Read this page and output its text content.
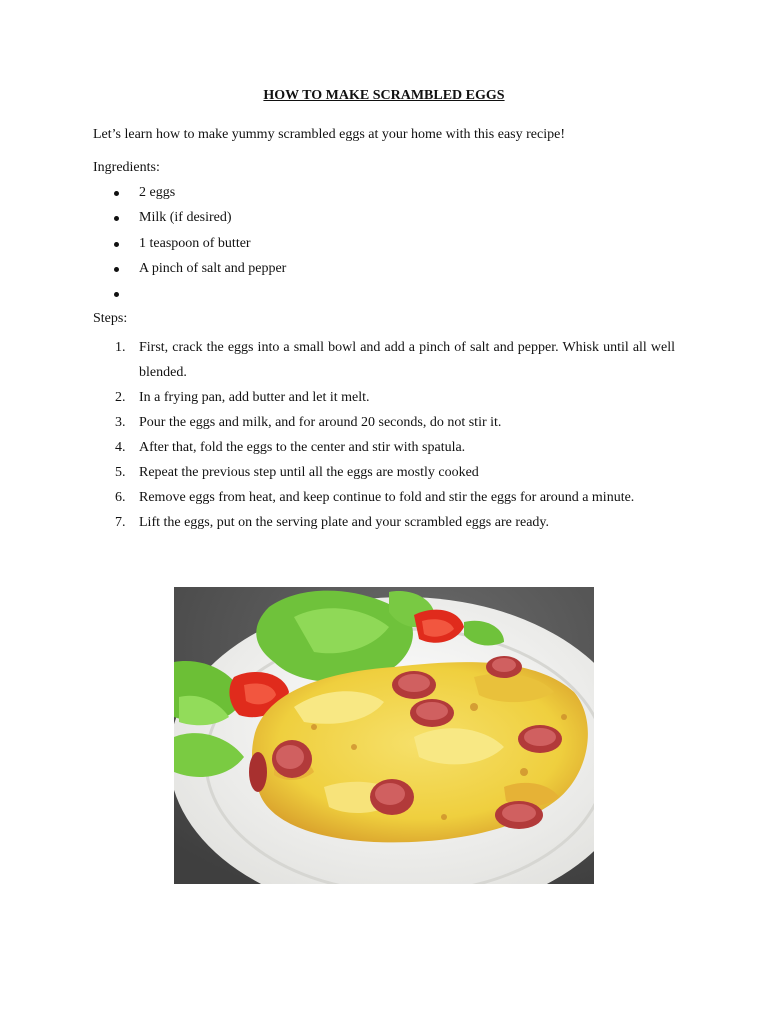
HOW TO MAKE SCRAMBLED EGGS
Let’s learn how to make yummy scrambled eggs at your home with this easy recipe!
Ingredients:
2 eggs
Milk (if desired)
1 teaspoon of butter
A pinch of salt and pepper
Steps:
1. First, crack the eggs into a small bowl and add a pinch of salt and pepper. Whisk until all well blended.
2. In a frying pan, add butter and let it melt.
3. Pour the eggs and milk, and for around 20 seconds, do not stir it.
4. After that, fold the eggs to the center and stir with spatula.
5. Repeat the previous step until all the eggs are mostly cooked
6. Remove eggs from heat, and keep continue to fold and stir the eggs for around a minute.
7. Lift the eggs, put on the serving plate and your scrambled eggs are ready.
